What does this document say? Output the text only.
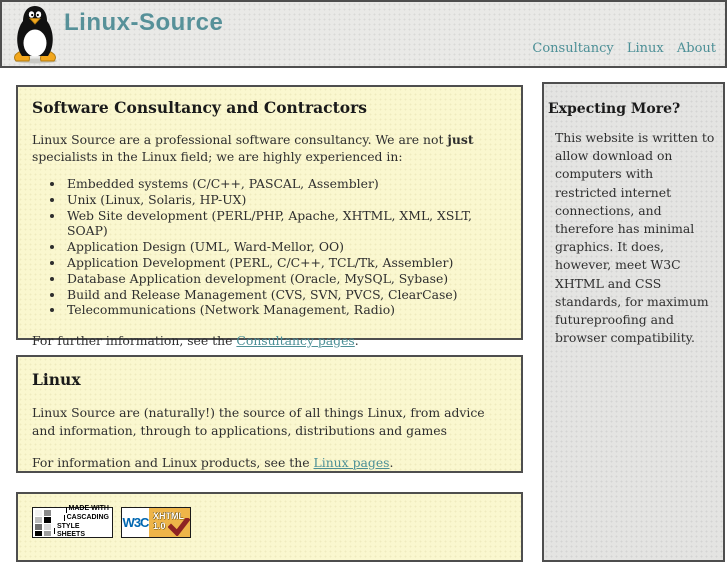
Linux-Source
Consultancy Linux About
Software Consultancy and Contractors

Linux Source are a professional software consultancy. We are not just specialists in the Linux field; we are highly experienced in:

• Embedded systems (C/C++, PASCAL, Assembler)
• Unix (Linux, Solaris, HP-UX)
• Web Site development (PERL/PHP, Apache, XHTML, XML, XSLT, SOAP)
• Application Design (UML, Ward-Mellor, OO)
• Application Development (PERL, C/C++, TCL/Tk, Assembler)
• Database Application development (Oracle, MySQL, Sybase)
• Build and Release Management (CVS, SVN, PVCS, ClearCase)
• Telecommunications (Network Management, Radio)

For further information, see the Consultancy pages.

Linux

Linux Source are (naturally!) the source of all things Linux, from advice and information, through to applications, distributions and games

For information and Linux products, see the Linux pages.

MADE WITH
CASCADING
STYLE SHEETS
W3C XHTML
1.0
Expecting More?

This website is written to allow download on computers with restricted internet connections, and therefore has minimal graphics. It does, however, meet W3C XHTML and CSS standards, for maximum futureproofing and browser compatibility.
